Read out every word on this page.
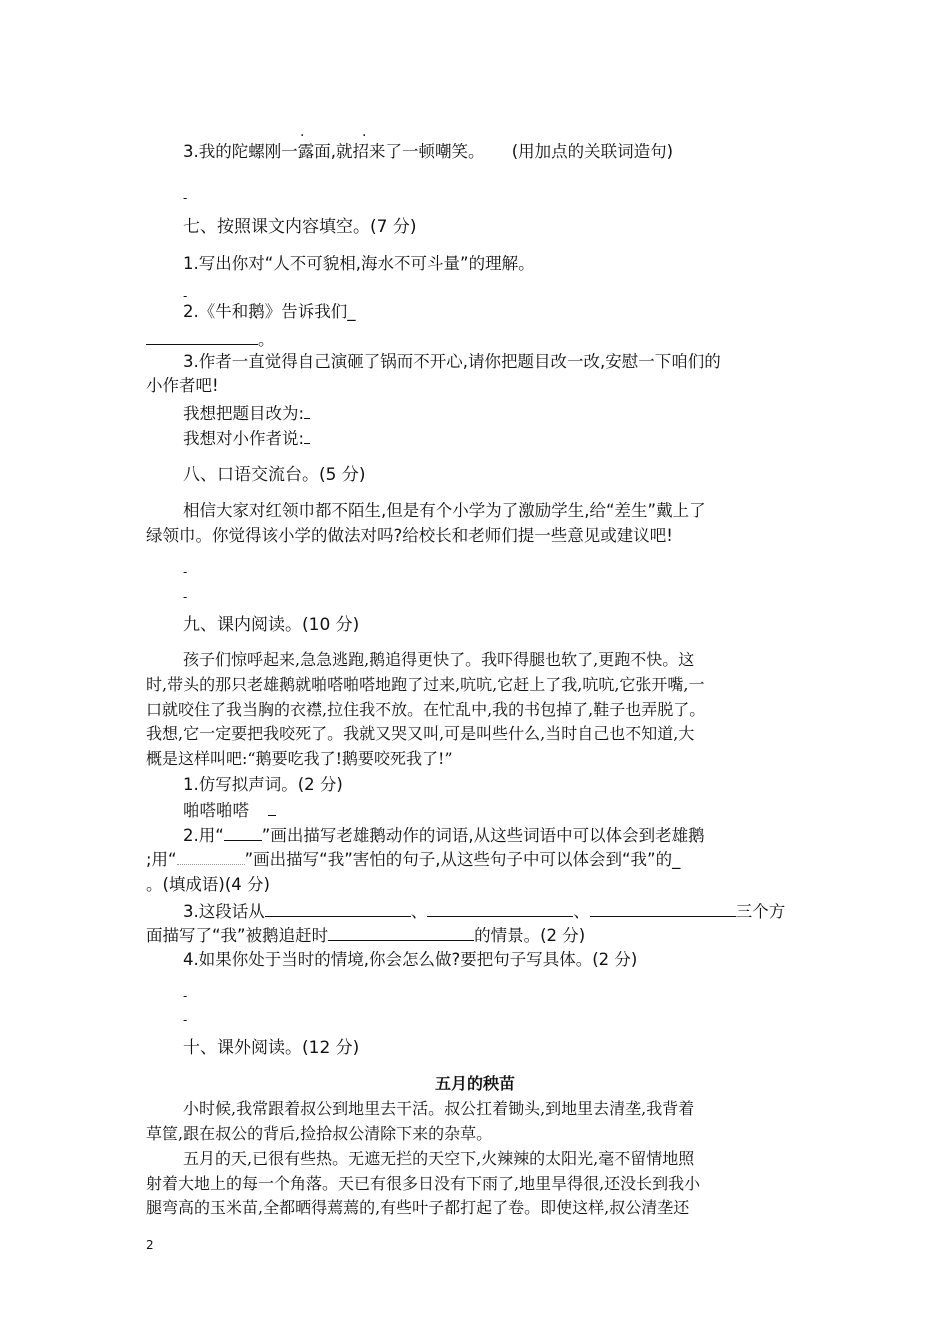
·	·
3.我的陀螺刚一露面,就招来了一顿嘲笑。 (用加点的关联词造句)
-
七、按照课文内容填空。(7 分)
1.写出你对“人不可貌相,海水不可斗量”的理解。
-
2.《牛和鹅》告诉我们_
。
3.作者一直觉得自己演砸了锅而不开心,请你把题目改一改,安慰一下咱们的
小作者吧!
我想把题目改为:
我想对小作者说:
八、口语交流台。(5 分)
相信大家对红领巾都不陌生,但是有个小学为了激励学生,给“差生”戴上了
绿领巾。你觉得该小学的做法对吗?给校长和老师们提一些意见或建议吧!
-
-
九、课内阅读。(10 分)
孩子们惊呼起来,急急逃跑,鹅追得更快了。我吓得腿也软了,更跑不快。这
时,带头的那只老雄鹅就啪嗒啪嗒地跑了过来,吭吭,它赶上了我,吭吭,它张开嘴,一
口就咬住了我当胸的衣襟,拉住我不放。在忙乱中,我的书包掉了,鞋子也弄脱了。
我想,它一定要把我咬死了。我就又哭又叫,可是叫些什么,当时自己也不知道,大
概是这样叫吧:“鹅要吃我了!鹅要咬死我了!”
1.仿写拟声词。(2 分)
啪嗒啪嗒
2.用“ ”画出描写老雄鹅动作的词语,从这些词语中可以体会到老雄鹅
;用“	”画出描写“我”害怕的句子,从这些句子中可以体会到“我”的_
。(填成语)(4 分)
3.这段话从	、	、	三个方
面描写了“我”被鹅追赶时	的情景。(2 分)
4.如果你处于当时的情境,你会怎么做?要把句子写具体。(2 分)
-
-
十、课外阅读。(12 分)
五月的秧苗
小时候,我常跟着叔公到地里去干活。叔公扛着锄头,到地里去清垄,我背着
草筐,跟在叔公的背后,捡拾叔公清除下来的杂草。
五月的天,已很有些热。无遮无拦的天空下,火辣辣的太阳光,毫不留情地照
射着大地上的每一个角落。天已有很多日没有下雨了,地里旱得很,还没长到我小
腿弯高的玉米苗,全都晒得蔫蔫的,有些叶子都打起了卷。即使这样,叔公清垄还
2
